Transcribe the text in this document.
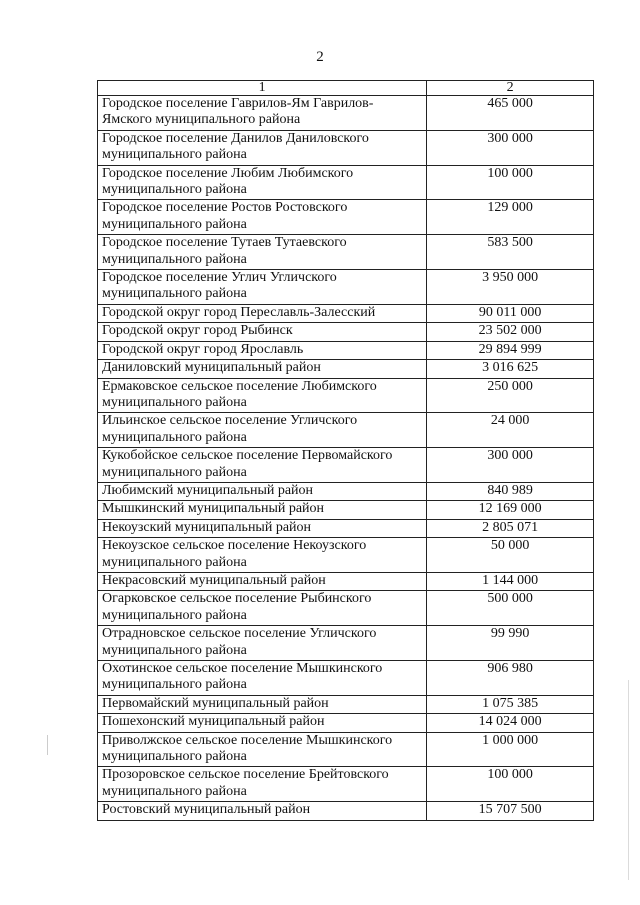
2
1	2
Городское поселение Гаврилов-Ям Гаврилов-Ямского муниципального района	465 000
Городское поселение Данилов Даниловского муниципального района	300 000
Городское поселение Любим Любимского муниципального района	100 000
Городское поселение Ростов Ростовского муниципального района	129 000
Городское поселение Тутаев Тутаевского муниципального района	583 500
Городское поселение Углич Угличского муниципального района	3 950 000
Городской округ город Переславль-Залесский	90 011 000
Городской округ город Рыбинск	23 502 000
Городской округ город Ярославль	29 894 999
Даниловский муниципальный район	3 016 625
Ермаковское сельское поселение Любимского муниципального района	250 000
Ильинское сельское поселение Угличского муниципального района	24 000
Кукобойское сельское поселение Первомайского муниципального района	300 000
Любимский муниципальный район	840 989
Мышкинский муниципальный район	12 169 000
Некоузский муниципальный район	2 805 071
Некоузское сельское поселение Некоузского муниципального района	50 000
Некрасовский муниципальный район	1 144 000
Огарковское сельское поселение Рыбинского муниципального района	500 000
Отрадновское сельское поселение Угличского муниципального района	99 990
Охотинское сельское поселение Мышкинского муниципального района	906 980
Первомайский муниципальный район	1 075 385
Пошехонский муниципальный район	14 024 000
Приволжское сельское поселение Мышкинского муниципального района	1 000 000
Прозоровское сельское поселение Брейтовского муниципального района	100 000
Ростовский муниципальный район	15 707 500
